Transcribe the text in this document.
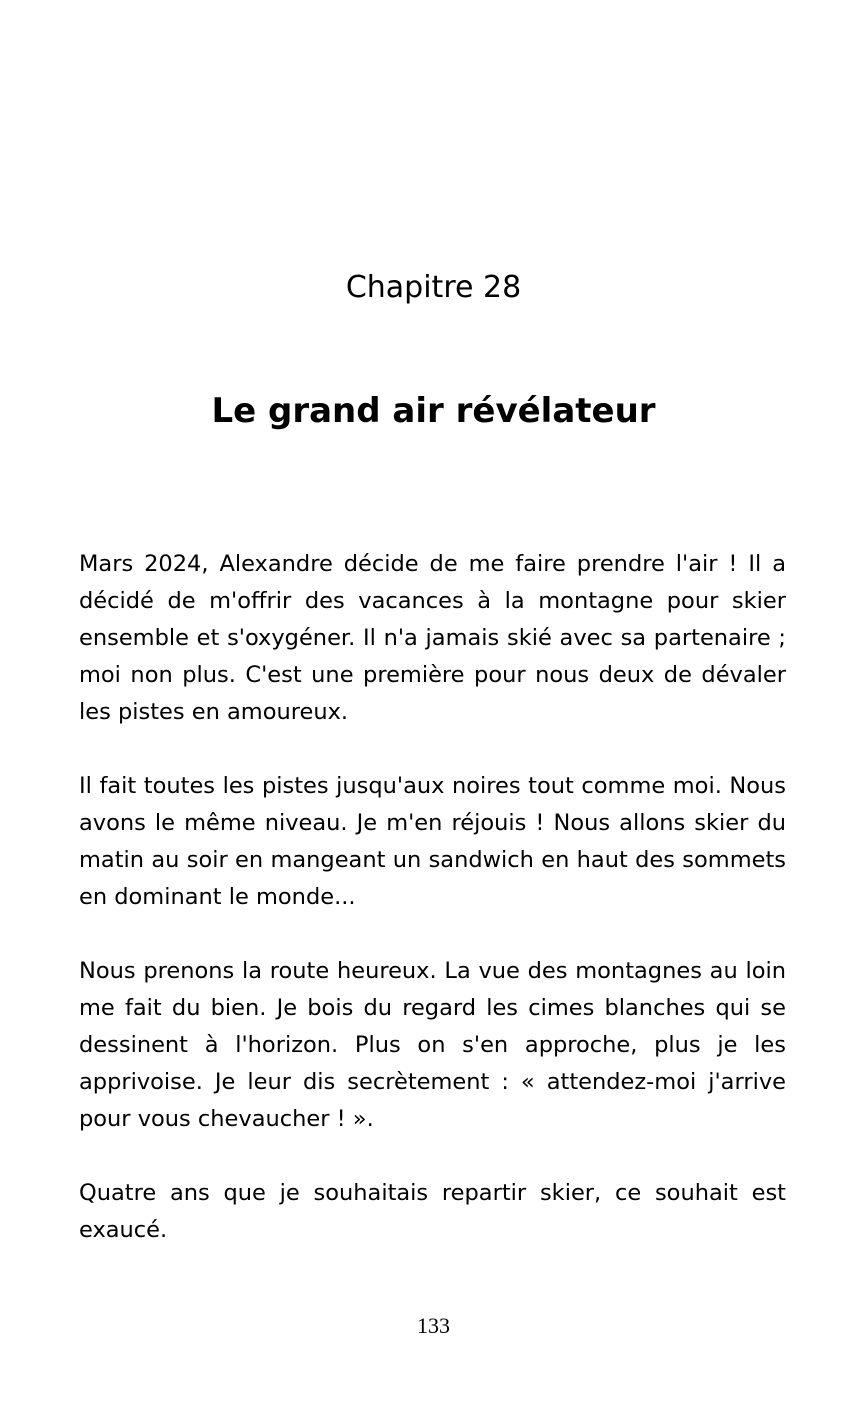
Chapitre 28
Le grand air révélateur

Mars 2024, Alexandre décide de me faire prendre l'air ! Il a décidé de m'offrir des vacances à la montagne pour skier ensemble et s'oxygéner. Il n'a jamais skié avec sa partenaire ; moi non plus. C'est une première pour nous deux de dévaler les pistes en amoureux.

Il fait toutes les pistes jusqu'aux noires tout comme moi. Nous avons le même niveau. Je m'en réjouis ! Nous allons skier du matin au soir en mangeant un sandwich en haut des sommets en dominant le monde...

Nous prenons la route heureux. La vue des montagnes au loin me fait du bien. Je bois du regard les cimes blanches qui se dessinent à l'horizon. Plus on s'en approche, plus je les apprivoise. Je leur dis secrètement : « attendez-moi j'arrive pour vous chevaucher ! ».

Quatre ans que je souhaitais repartir skier, ce souhait est exaucé.

133
